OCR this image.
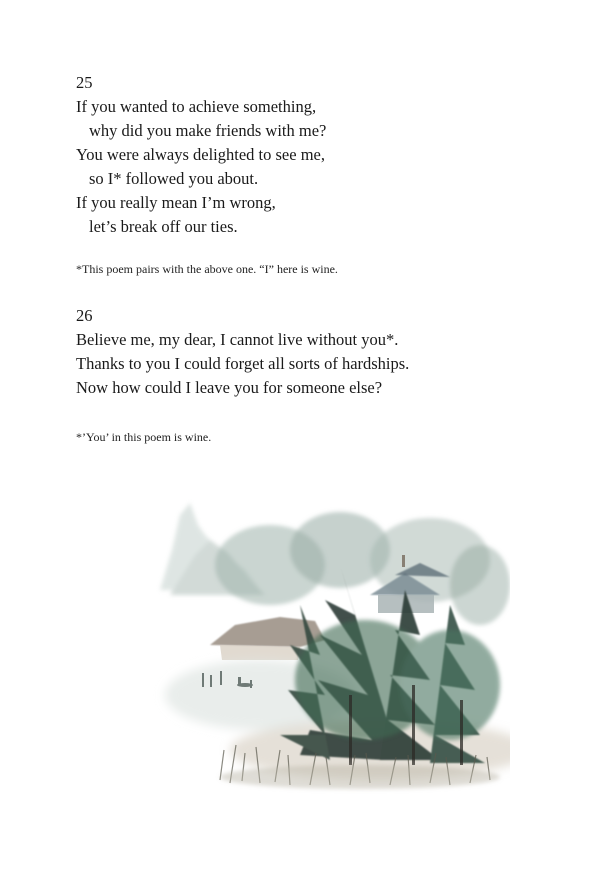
25
If you wanted to achieve something,
why did you make friends with me?
You were always delighted to see me,
so I* followed you about.
If you really mean I’m wrong,
let’s break off our ties.
*This poem pairs with the above one. “I” here is wine.
26
Believe me, my dear, I cannot live without you*.
Thanks to you I could forget all sorts of hardships.
Now how could I leave you for someone else?
*’You’ in this poem is wine.
